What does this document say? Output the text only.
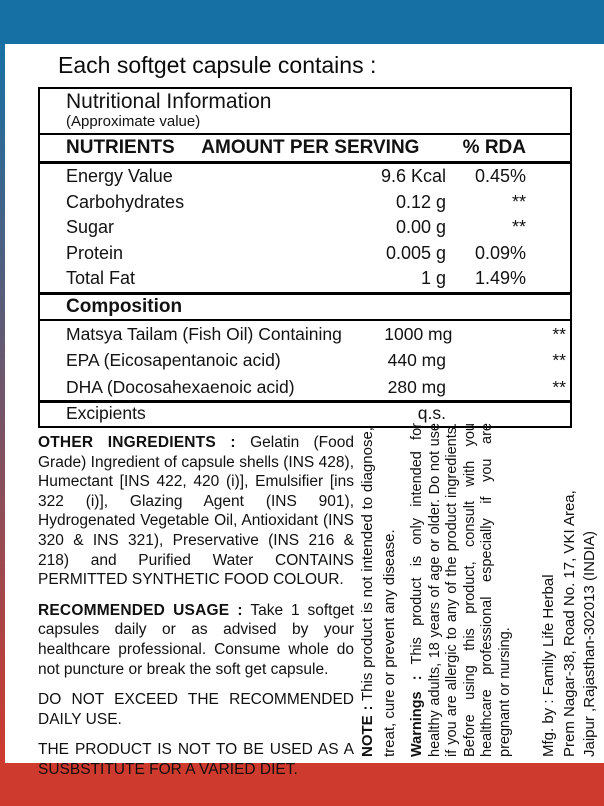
Each softget capsule contains :
Nutritional Information
(Approximate value)
NUTRIENTS	AMOUNT PER SERVING	% RDA
Energy Value	9.6 Kcal	0.45%
Carbohydrates	0.12 g	**
Sugar	0.00 g	**
Protein	0.005 g	0.09%
Total Fat	1 g	1.49%
Composition
Matsya Tailam (Fish Oil) Containing	1000 mg	**
EPA (Eicosapentanoic acid)	440 mg	**
DHA (Docosahexaenoic acid)	280 mg	**
Excipients	q.s.

OTHER INGREDIENTS : Gelatin (Food Grade) Ingredient of capsule shells (INS 428), Humectant [INS 422, 420 (i)], Emulsifier [ins 322 (i)], Glazing Agent (INS 901), Hydrogenated Vegetable Oil, Antioxidant (INS 320 & INS 321), Preservative (INS 216 & 218) and Purified Water CONTAINS PERMITTED SYNTHETIC FOOD COLOUR.

RECOMMENDED USAGE : Take 1 softget capsules daily or as advised by your healthcare professional. Consume whole do not puncture or break the soft get capsule.

DO NOT EXCEED THE RECOMMENDED DAILY USE.

THE PRODUCT IS NOT TO BE USED AS A SUSBSTITUTE FOR A VARIED DIET.

NOTE : This product is not intended to diagnose, treat, cure or prevent any disease. Warnings : This product is only intended for healthy adults, 18 years of age or older. Do not use if you are allergic to any of the product ingredients. Before using this product, consult with you healthcare professional especially if you are pregnant or nursing. Mfg. by : Family Life Herbal Prem Nagar-38, Road No. 17, VKI Area, Jaipur ,Rajasthan-302013 (INDIA)
